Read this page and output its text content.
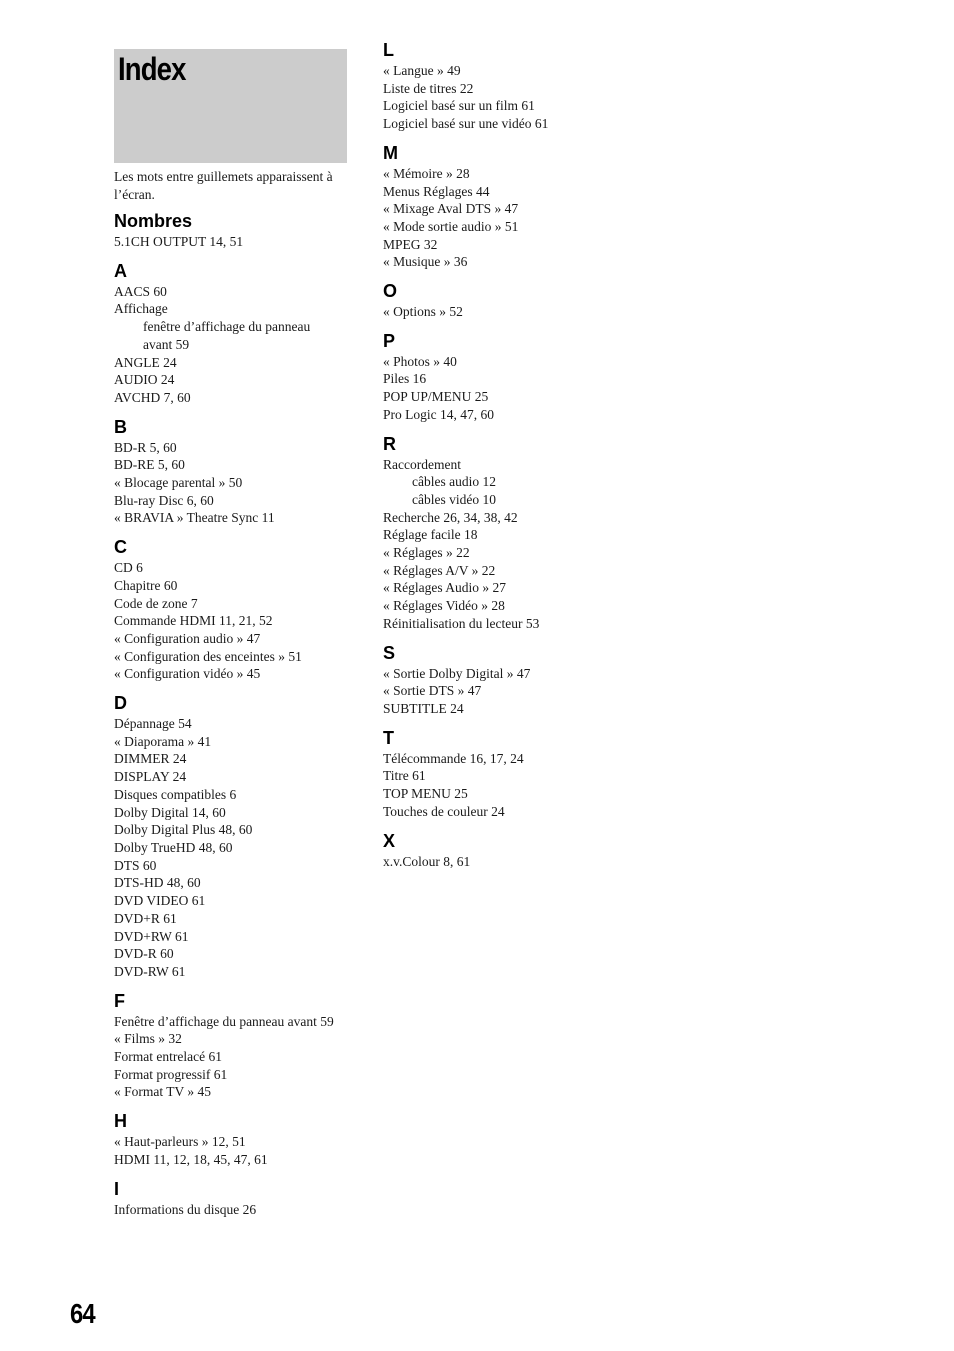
Index

Les mots entre guillemets apparaissent à l’écran.

Nombres
5.1CH OUTPUT 14, 51
A
AACS 60
Affichage
fenêtre d’affichage du panneau
avant 59
ANGLE 24
AUDIO 24
AVCHD 7, 60
B
BD-R 5, 60
BD-RE 5, 60
« Blocage parental » 50
Blu-ray Disc 6, 60
« BRAVIA » Theatre Sync 11
C
CD 6
Chapitre 60
Code de zone 7
Commande HDMI 11, 21, 52
« Configuration audio » 47
« Configuration des enceintes » 51
« Configuration vidéo » 45
D
Dépannage 54
« Diaporama » 41
DIMMER 24
DISPLAY 24
Disques compatibles 6
Dolby Digital 14, 60
Dolby Digital Plus 48, 60
Dolby TrueHD 48, 60
DTS 60
DTS-HD 48, 60
DVD VIDEO 61
DVD+R 61
DVD+RW 61
DVD-R 60
DVD-RW 61
F
Fenêtre d’affichage du panneau avant 59
« Films » 32
Format entrelacé 61
Format progressif 61
« Format TV » 45
H
« Haut-parleurs » 12, 51
HDMI 11, 12, 18, 45, 47, 61
I
Informations du disque 26
L
« Langue » 49
Liste de titres 22
Logiciel basé sur un film 61
Logiciel basé sur une vidéo 61
M
« Mémoire » 28
Menus Réglages 44
« Mixage Aval DTS » 47
« Mode sortie audio » 51
MPEG 32
« Musique » 36
O
« Options » 52
P
« Photos » 40
Piles 16
POP UP/MENU 25
Pro Logic 14, 47, 60
R
Raccordement
câbles audio 12
câbles vidéo 10
Recherche 26, 34, 38, 42
Réglage facile 18
« Réglages » 22
« Réglages A/V » 22
« Réglages Audio » 27
« Réglages Vidéo » 28
Réinitialisation du lecteur 53
S
« Sortie Dolby Digital » 47
« Sortie DTS » 47
SUBTITLE 24
T
Télécommande 16, 17, 24
Titre 61
TOP MENU 25
Touches de couleur 24
X
x.v.Colour 8, 61
64
